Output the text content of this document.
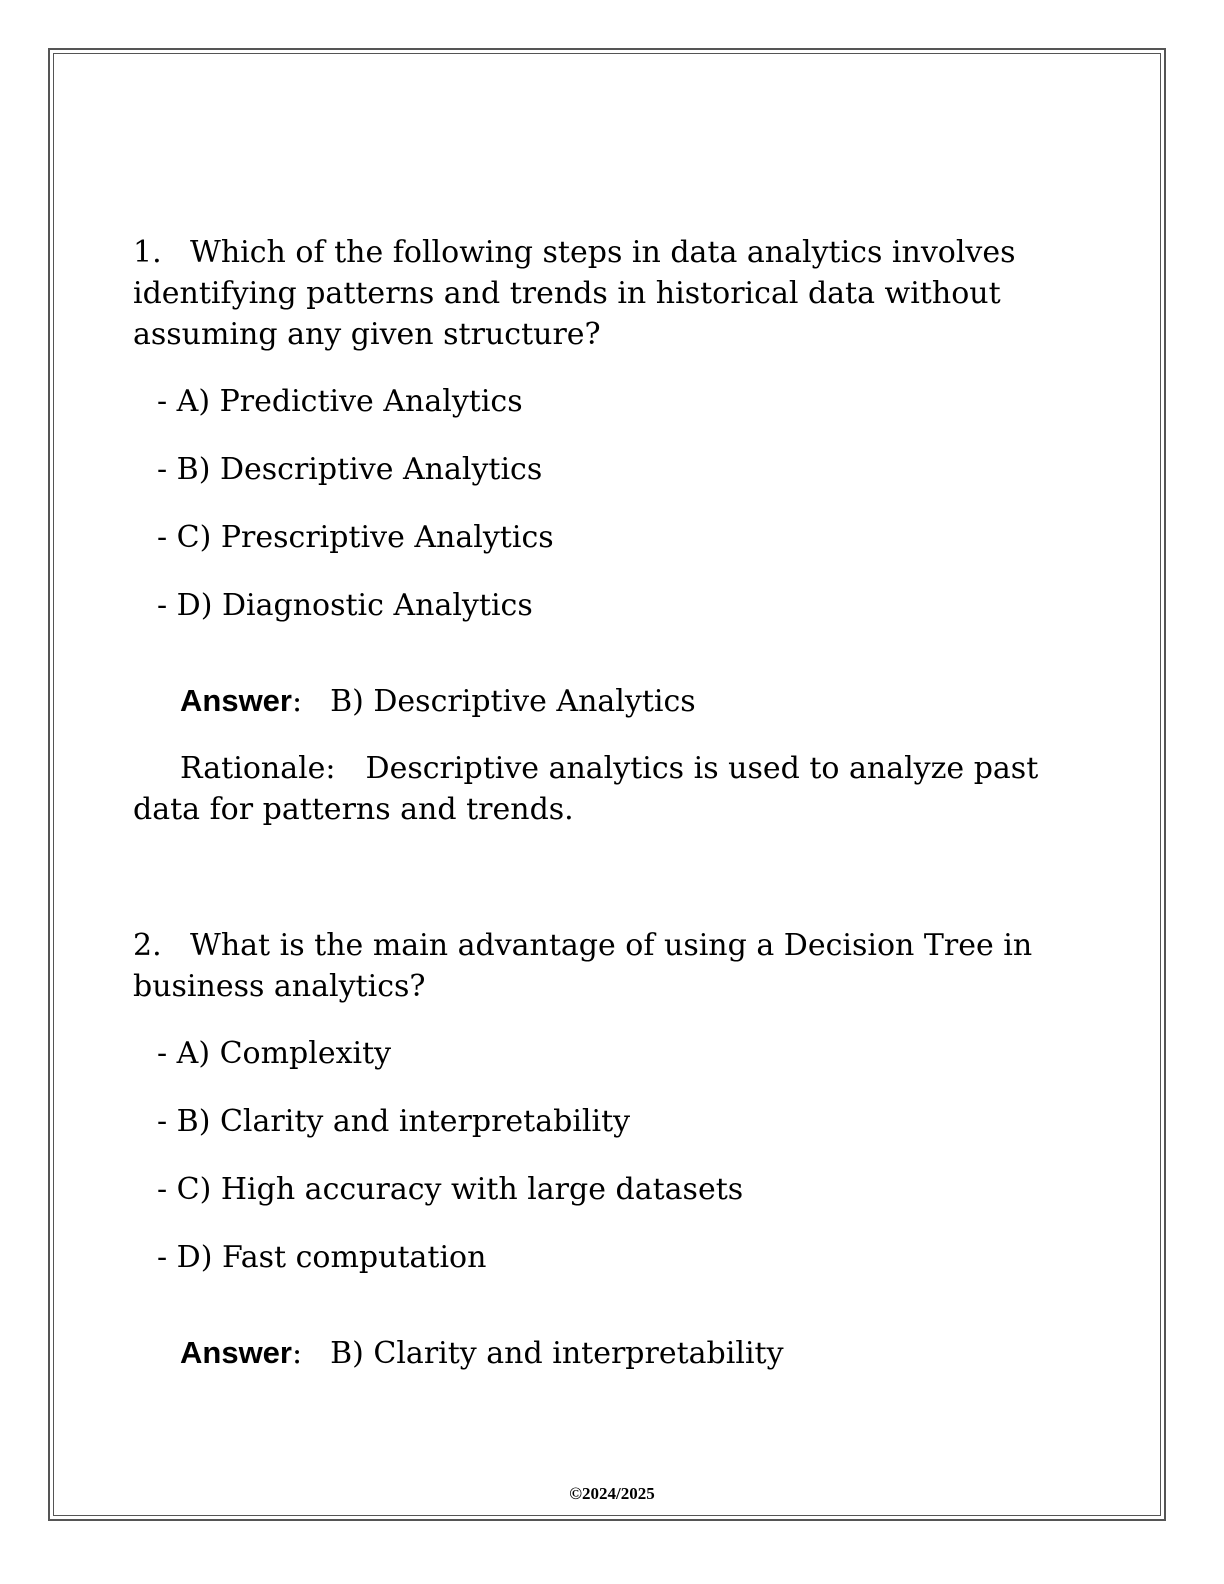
1. Which of the following steps in data analytics involves identifying patterns and trends in historical data without assuming any given structure?

- A) Predictive Analytics
- B) Descriptive Analytics
- C) Prescriptive Analytics
- D) Diagnostic Analytics

Answer: B) Descriptive Analytics

Rationale: Descriptive analytics is used to analyze past data for patterns and trends.

2. What is the main advantage of using a Decision Tree in business analytics?

- A) Complexity
- B) Clarity and interpretability
- C) High accuracy with large datasets
- D) Fast computation

Answer: B) Clarity and interpretability

©2024/2025
